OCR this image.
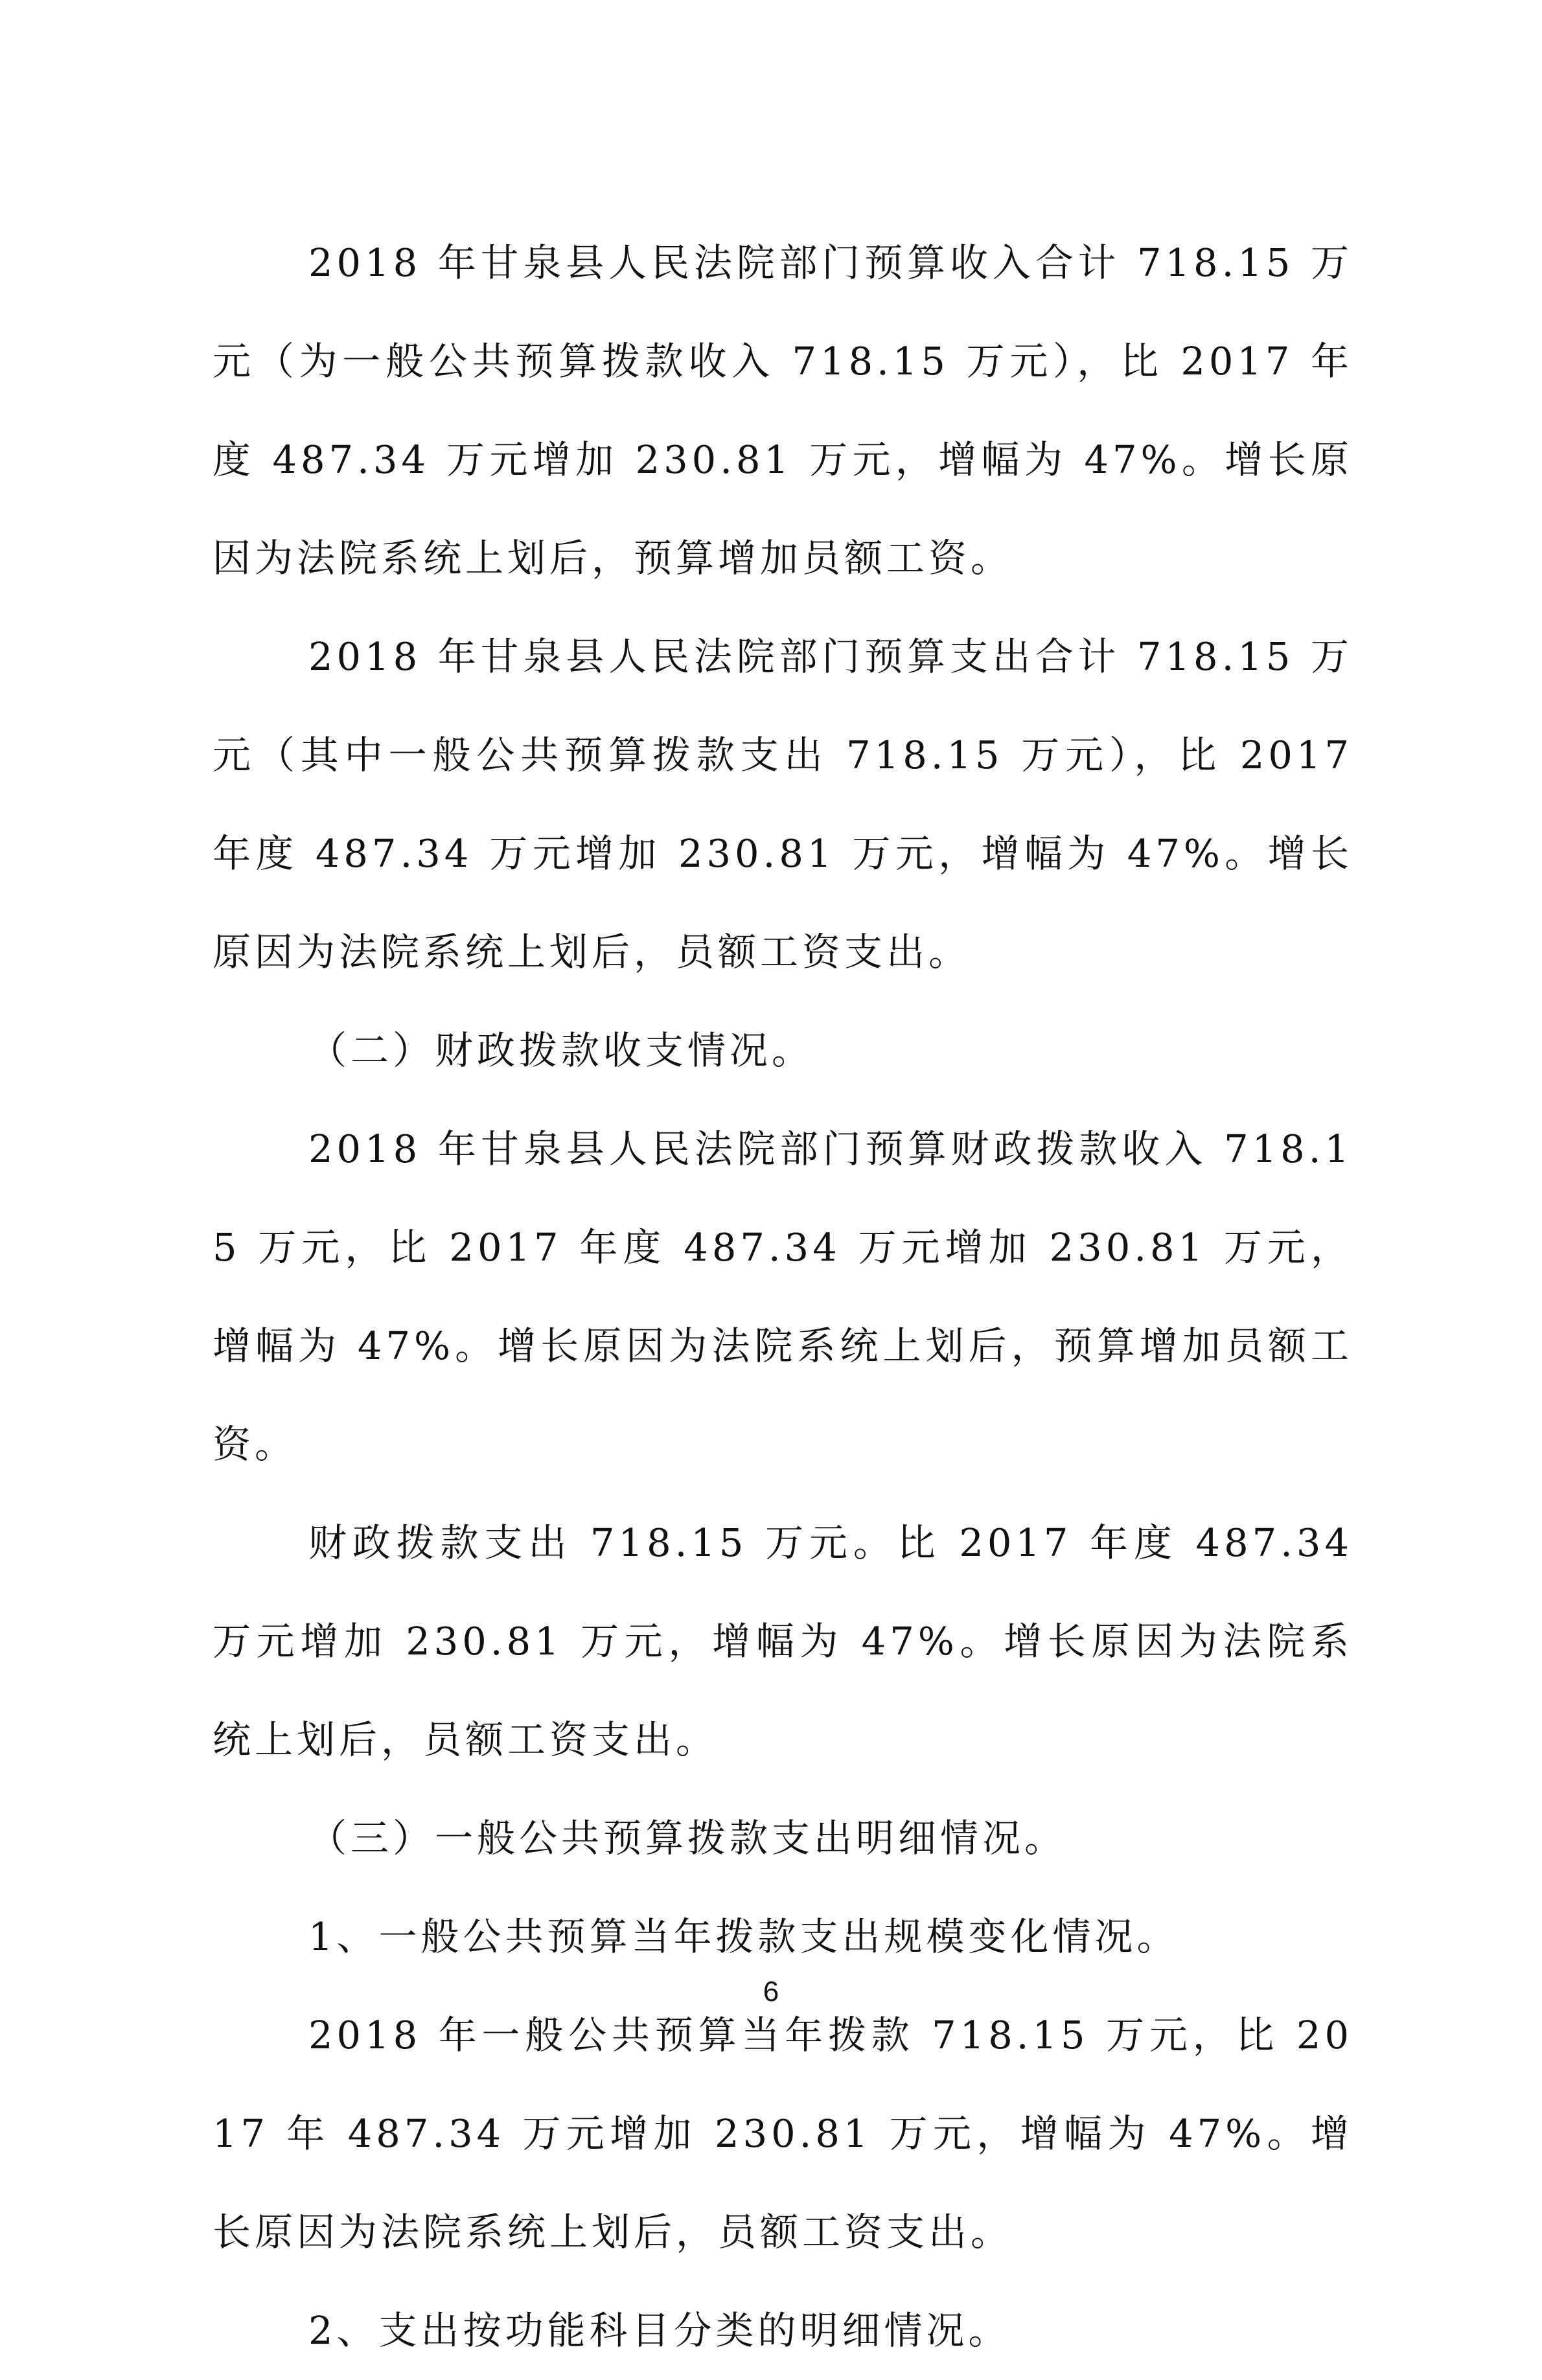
2018 年甘泉县人民法院部门预算收入合计 718.15 万元（为一般公共预算拨款收入 718.15 万元），比 2017 年度 487.34 万元增加 230.81 万元，增幅为 47%。增长原因为法院系统上划后，预算增加员额工资。

2018 年甘泉县人民法院部门预算支出合计 718.15 万元（其中一般公共预算拨款支出 718.15 万元），比 2017 年度 487.34 万元增加 230.81 万元，增幅为 47%。增长原因为法院系统上划后，员额工资支出。

（二）财政拨款收支情况。

2018 年甘泉县人民法院部门预算财政拨款收入 718.15 万元，比 2017 年度 487.34 万元增加 230.81 万元，增幅为 47%。增长原因为法院系统上划后，预算增加员额工资。

财政拨款支出 718.15 万元。比 2017 年度 487.34 万元增加 230.81 万元，增幅为 47%。增长原因为法院系统上划后，员额工资支出。

（三）一般公共预算拨款支出明细情况。

1、一般公共预算当年拨款支出规模变化情况。

2018 年一般公共预算当年拨款 718.15 万元，比 2017 年 487.34 万元增加 230.81 万元，增幅为 47%。增长原因为法院系统上划后，员额工资支出。

2、支出按功能科目分类的明细情况。

6
